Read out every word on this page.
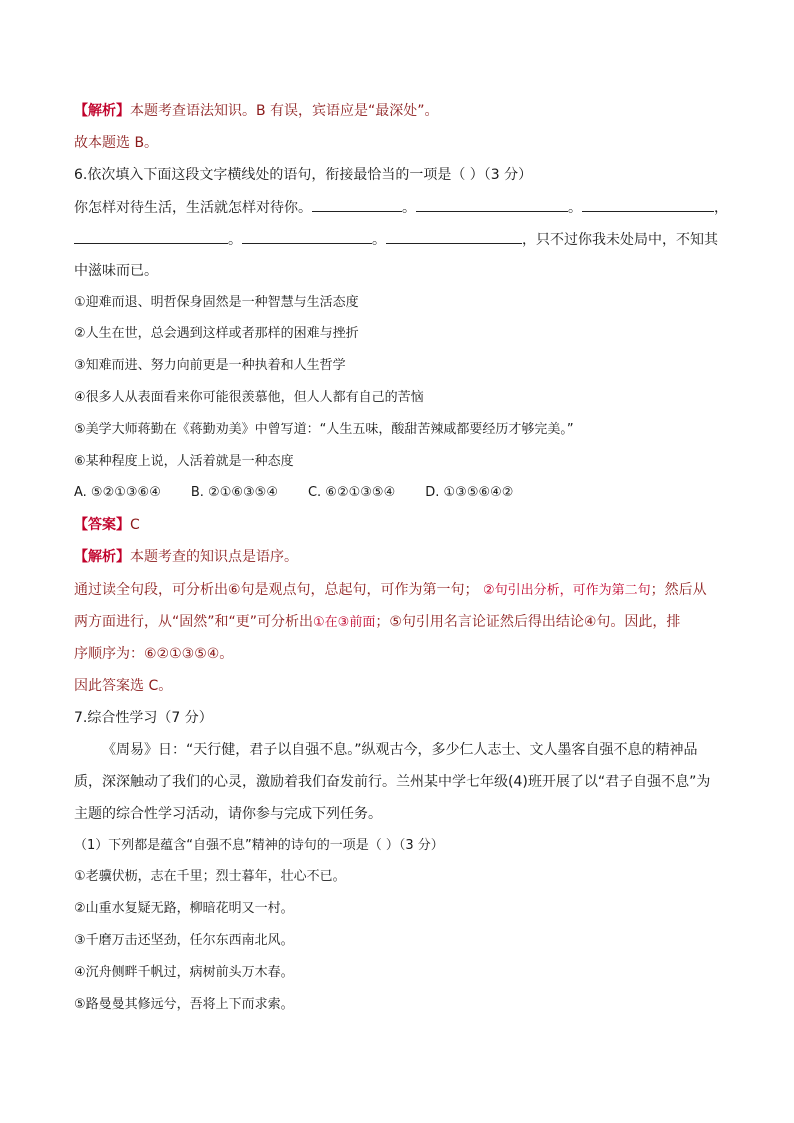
【解析】本题考查语法知识。B 有误，宾语应是“最深处”。
故本题选 B。
6.依次填入下面这段文字横线处的语句，衔接最恰当的一项是（ ）（3 分）
你怎样对待生活，生活就怎样对待你。	。	。	，
。	。	，只不过你我未处局中，不知其
中滋味而已。
①迎难而退、明哲保身固然是一种智慧与生活态度
②人生在世，总会遇到这样或者那样的困难与挫折
③知难而进、努力向前更是一种执着和人生哲学
④很多人从表面看来你可能很羡慕他，但人人都有自己的苦恼
⑤美学大师蒋勤在《蒋勤劝美》中曾写道：“人生五味，酸甜苦辣咸都要经历才够完美。”
⑥某种程度上说，人活着就是一种态度
A. ⑤②①③⑥④ B. ②①⑥③⑤④ C. ⑥②①③⑤④ D. ①③⑤⑥④②
【答案】C
【解析】本题考查的知识点是语序。
通过读全句段，可分析出⑥句是观点句，总起句，可作为第一句； ②句引出分析，可作为第二句；然后从
两方面进行，从“固然”和“更”可分析出①在③前面；⑤句引用名言论证然后得出结论④句。因此，排
序顺序为：⑥②①③⑤④。
因此答案选 C。
7.综合性学习（7 分）
《周易》日：“天行健，君子以自强不息。”纵观古今，多少仁人志士、文人墨客自强不息的精神品
质，深深触动了我们的心灵，激励着我们奋发前行。兰州某中学七年级(4)班开展了以“君子自强不息”为
主题的综合性学习活动，请你参与完成下列任务。
（1）下列都是蕴含“自强不息”精神的诗句的一项是（ ）（3 分）
①老骥伏枥，志在千里；烈士暮年，壮心不已。
②山重水复疑无路，柳暗花明又一村。
③千磨万击还坚劲，任尔东西南北风。
④沉舟侧畔千帆过，病树前头万木春。
⑤路曼曼其修远兮，吾将上下而求索。
